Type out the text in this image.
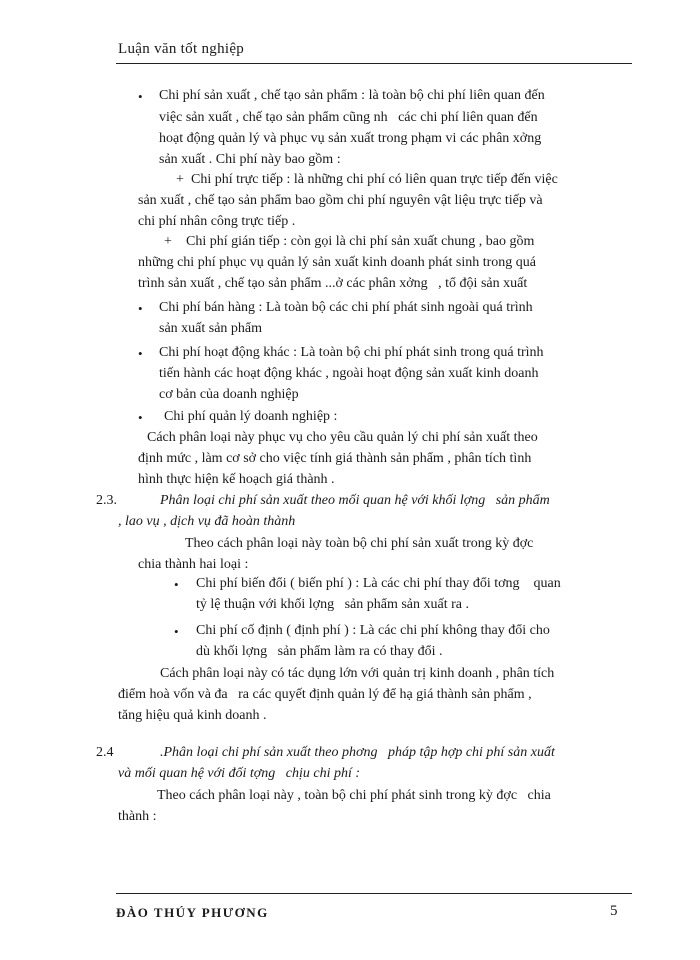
Luận văn tốt nghiệp
• Chi phí sản xuất , chế tạo sản phẩm : là toàn bộ chi phí liên quan đến
việc sản xuất , chế tạo sản phẩm cũng nh   các chi phí liên quan đến
hoạt động quản lý và phục vụ sản xuất trong phạm vi các phân xởng
sản xuất . Chi phí này bao gồm :
+ Chi phí trực tiếp : là những chi phí có liên quan trực tiếp đến việc
sản xuất , chế tạo sản phẩm bao gồm chi phí nguyên vật liệu trực tiếp và
chi phí nhân công trực tiếp .
+ Chi phí gián tiếp : còn gọi là chi phí sản xuất chung , bao gồm
những chi phí phục vụ quản lý sản xuất kinh doanh phát sinh trong quá
trình sản xuất , chế tạo sản phẩm ...ở các phân xởng   , tổ đội sản xuất
• Chi phí bán hàng : Là toàn bộ các chi phí phát sinh ngoài quá trình
sản xuất sản phẩm
• Chi phí hoạt động khác : Là toàn bộ chi phí phát sinh trong quá trình
tiến hành các hoạt động khác , ngoài hoạt động sản xuất kinh doanh
cơ bản của doanh nghiệp
• Chi phí quản lý doanh nghiệp :
Cách phân loại này phục vụ cho yêu cầu quản lý chi phí sản xuất theo
định mức , làm cơ sở cho việc tính giá thành sản phẩm , phân tích tình
hình thực hiện kế hoạch giá thành .
2.3.	Phân loại chi phí sản xuất theo mối quan hệ với khối lợng   sản phẩm
, lao vụ , dịch vụ đã hoàn thành
Theo cách phân loại này toàn bộ chi phí sản xuất trong kỳ đợc
chia thành hai loại :
• Chi phí biến đổi ( biến phí ) : Là các chi phí thay đổi tơng    quan
tỷ lệ thuận với khối lợng   sản phẩm sản xuất ra .
• Chi phí cố định ( định phí ) : Là các chi phí không thay đổi cho
dù khối lợng   sản phẩm làm ra có thay đổi .
Cách phân loại này có tác dụng lớn với quản trị kinh doanh , phân tích
điểm hoà vốn và đa   ra các quyết định quản lý để hạ giá thành sản phẩm ,
tăng hiệu quả kinh doanh .
2.4	.Phân loại chi phí sản xuất theo phơng   pháp tập hợp chi phí sản xuất
và mối quan hệ với đối tợng   chịu chi phí :
Theo cách phân loại này , toàn bộ chi phí phát sinh trong kỳ đợc   chia
thành :
ĐÀO THÚY PHƯƠNG	5
